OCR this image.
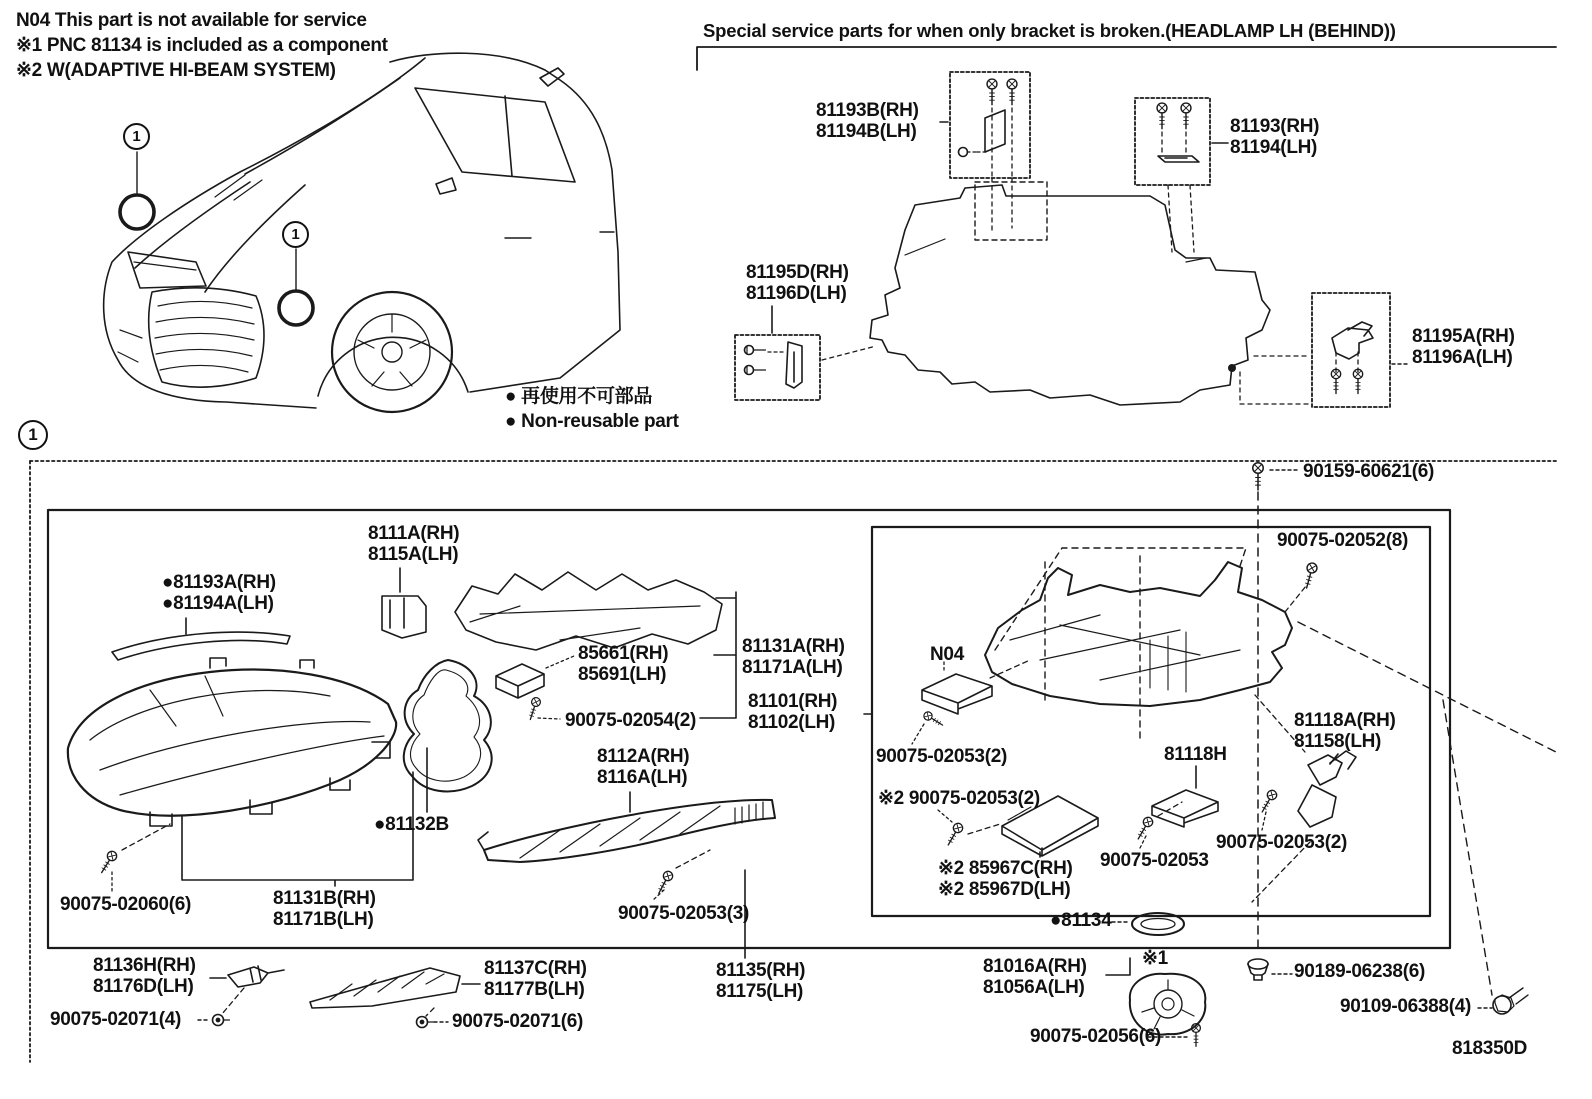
N04 This part is not available for service
※1 PNC 81134 is included as a component
※2 W(ADAPTIVE HI-BEAM SYSTEM)
Special service parts for when only bracket is broken.(HEADLAMP LH (BEHIND))
81193B(RH)
81194B(LH)	81193(RH)
81194(LH)
81195D(RH)
81196D(LH)
81195A(RH)
81196A(LH)
● 再使用不可部品
● Non-reusable part
90159-60621(6)
90075-02052(8)
8111A(RH)
8115A(LH)
●81193A(RH)
●81194A(LH)
85661(RH)
85691(LH)
81131A(RH)
81171A(LH)
81101(RH)
81102(LH)
90075-02054(2)
8112A(RH)
8116A(LH)
●81132B
90075-02060(6)	81131B(RH)
81171B(LH)	90075-02053(3)
N04
90075-02053(2)
※2 90075-02053(2)
※2 85967C(RH)
※2 85967D(LH)
90075-02053
81118H
81118A(RH)
81158(LH)
90075-02053(2)
●81134
81135(RH)
81175(LH)
81136H(RH)
81176D(LH)
90075-02071(4)
81137C(RH)
81177B(LH)
90075-02071(6)
81016A(RH)
81056A(LH)
※1
90075-02056(6)
90189-06238(6)
90109-06388(4)
818350D
1
1
1
